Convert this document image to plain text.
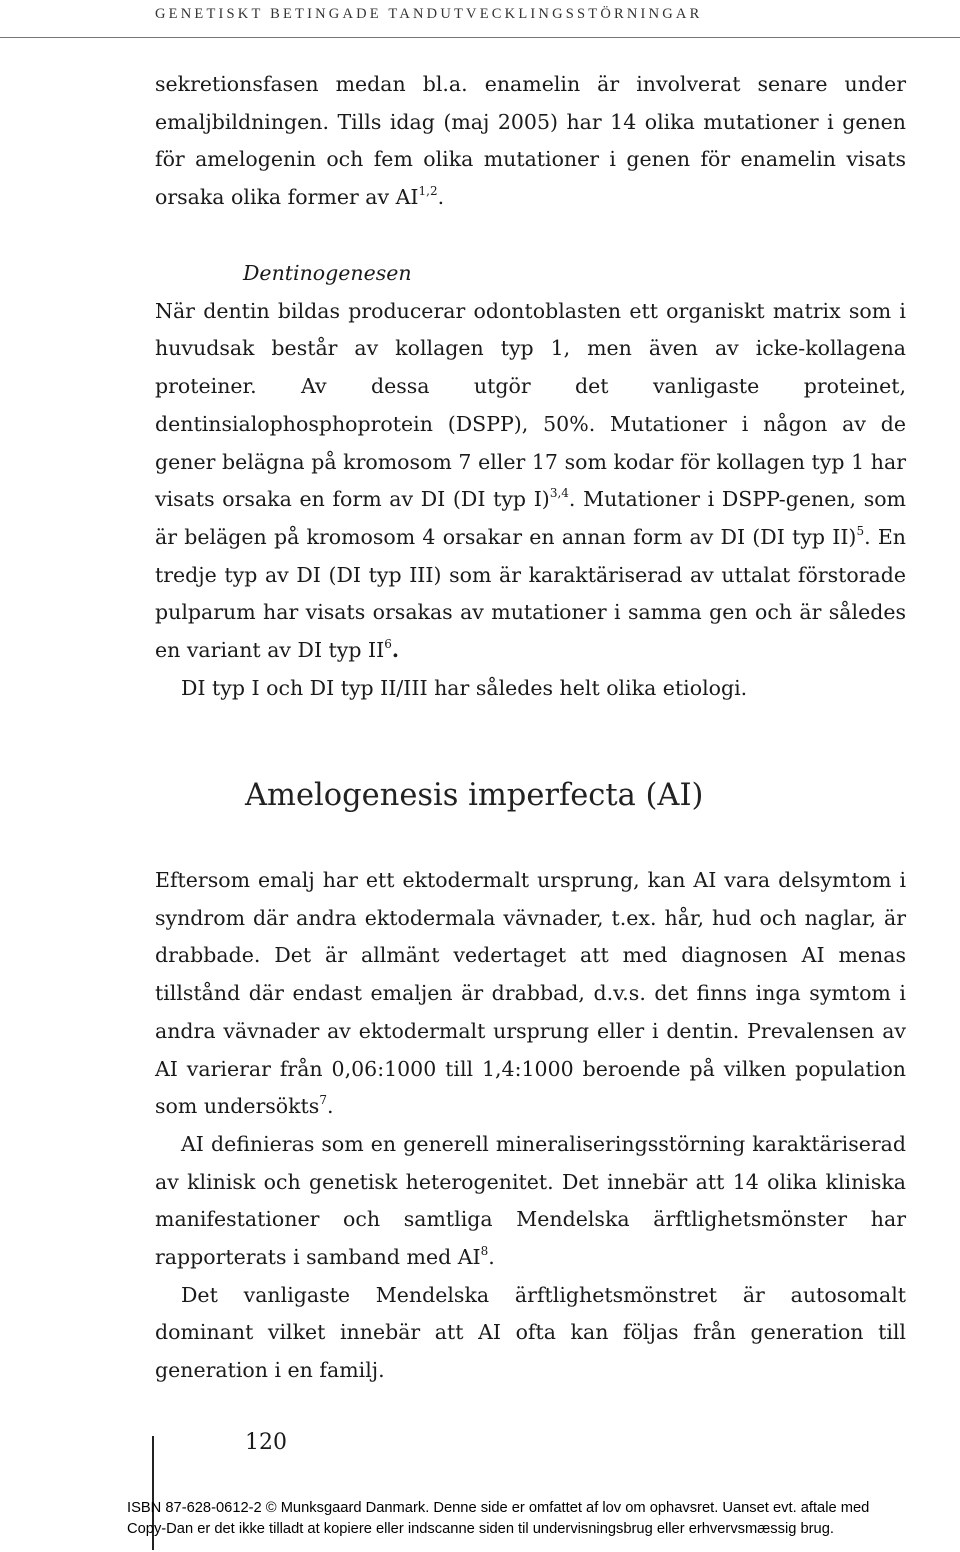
GENETISKT BETINGADE TANDUTVECKLINGSSTÖRNINGAR

sekretionsfasen medan bl.a. enamelin är involverat senare under emaljbildningen. Tills idag (maj 2005) har 14 olika mutationer i genen för amelogenin och fem olika mutationer i genen för enamelin visats orsaka olika former av AI$^{1,2}$.

Dentinogenesen

När dentin bildas producerar odontoblasten ett organiskt matrix som i huvudsak består av kollagen typ 1, men även av icke-kollagena proteiner. Av dessa utgör det vanligaste proteinet, dentinsialophosphoprotein (DSPP), 50%. Mutationer i någon av de gener belägna på kromosom 7 eller 17 som kodar för kollagen typ 1 har visats orsaka en form av DI (DI typ I)$^{3,4}$. Mutationer i DSPP-genen, som är belägen på kromosom 4 orsakar en annan form av DI (DI typ II)$^5$. En tredje typ av DI (DI typ III) som är karaktäriserad av uttalat förstorade pulparum har visats orsakas av mutationer i samma gen och är således en variant av DI typ $II^6$.

DI typ I och DI typ II/III har således helt olika etiologi.

Amelogenesis imperfecta (AI)

Eftersom emalj har ett ektodermalt ursprung, kan AI vara delsymtom i syndrom där andra ektodermala vävnader, t.ex. hår, hud och naglar, är drabbade. Det är allmänt vedertaget att med diagnosen AI menas tillstånd där endast emaljen är drabbad, d.v.s. det finns inga symtom i andra vävnader av ektodermalt ursprung eller i dentin. Prevalensen av AI varierar från 0,06:1000 till 1,4:1000 beroende på vilken population som undersökts$^7$.

AI definieras som en generell mineraliseringsstörning karaktäriserad av klinisk och genetisk heterogenitet. Det innebär att 14 olika kliniska manifestationer och samtliga Mendelska ärftlighetsmönster har rapporterats i samband med $AI^8$.

Det vanligaste Mendelska ärftlighetsmönstret är autosomalt dominant vilket innebär att AI ofta kan följas från generation till generation i en familj.

120
ISBN 87-628-0612-2 © Munksgaard Danmark. Denne side er omfattet af lov om ophavsret. Uanset evt. aftale med
Copy-Dan er det ikke tilladt at kopiere eller indscanne siden til undervisningsbrug eller erhvervsmæssig brug.
